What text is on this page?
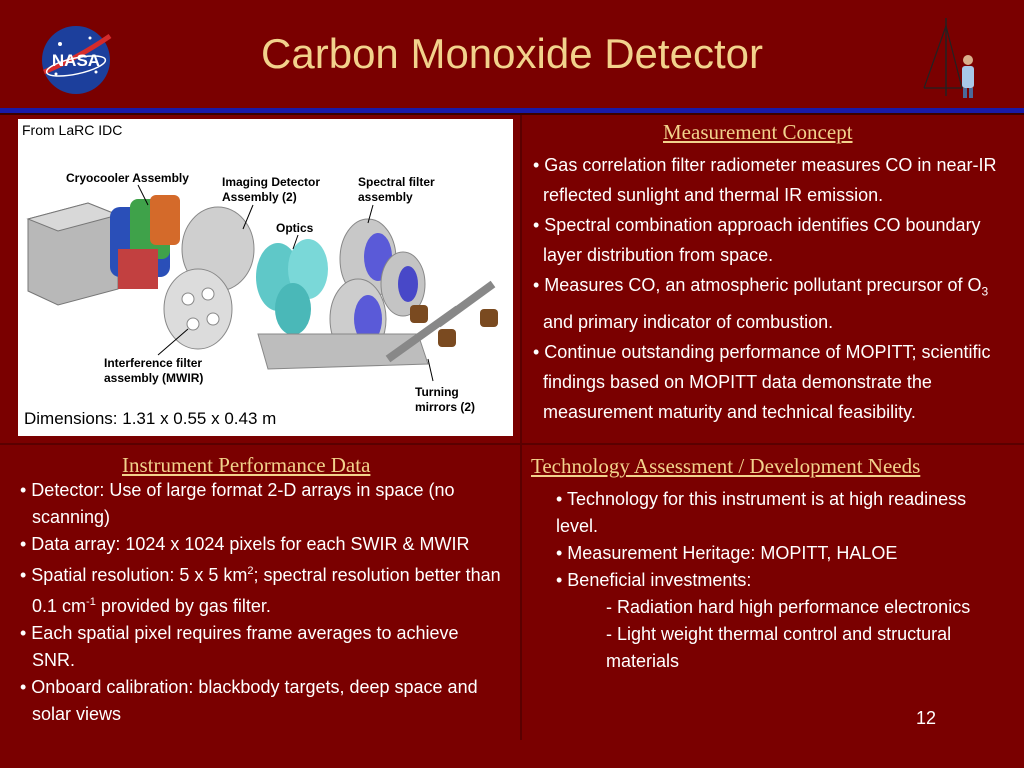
NASA	Carbon Monoxide Detector
From LaRC IDC
Cryocooler Assembly	Imaging Detector Assembly (2)
Spectral filter assembly
Optics
Interference filter assembly (MWIR)
Turning mirrors (2)
Dimensions: 1.31 x 0.55 x 0.43 m
Measurement Concept
• Gas correlation filter radiometer measures CO in near-IR
reflected sunlight and thermal IR emission.
• Spectral combination approach identifies CO boundary
layer distribution from space.
• Measures CO, an atmospheric pollutant precursor of $O_3$
and primary indicator of combustion.
• Continue outstanding performance of MOPITT; scientific
findings based on MOPITT data demonstrate the
measurement maturity and technical feasibility.
Instrument Performance Data
• Detector: Use of large format 2-D arrays in space (no
scanning)
• Data array: 1024 x 1024 pixels for each SWIR & MWIR
• Spatial resolution: 5 x 5 $km^2$; spectral resolution better than
0.1 $cm^{-1}$ provided by gas filter.
• Each spatial pixel requires frame averages to achieve
SNR.
• Onboard calibration: blackbody targets, deep space and
solar views
Technology Assessment / Development Needs
• Technology for this instrument is at high readiness
level.
• Measurement Heritage: MOPITT, HALOE
• Beneficial investments:
- Radiation hard high performance electronics
- Light weight thermal control and structural
materials
12
